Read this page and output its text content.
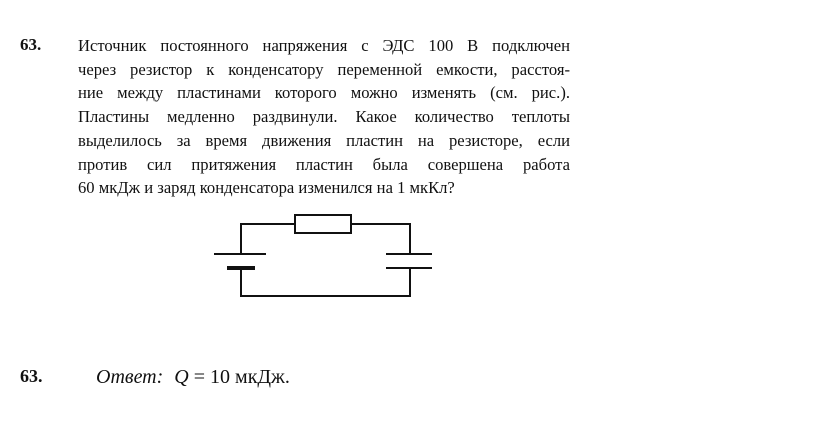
63. Источник постоянного напряжения с ЭДС 100 В подключен
через резистор к конденсатору переменной емкости, расстоя-
ние между пластинами которого можно изменять (см. рис.).
Пластины медленно раздвинули. Какое количество теплоты
выделилось за время движения пластин на резисторе, если
против сил притяжения пластин была совершена работа
60 мкДж и заряд конденсатора изменился на 1 мкКл?
63.	Ответ: Q = 10 мкДж.
